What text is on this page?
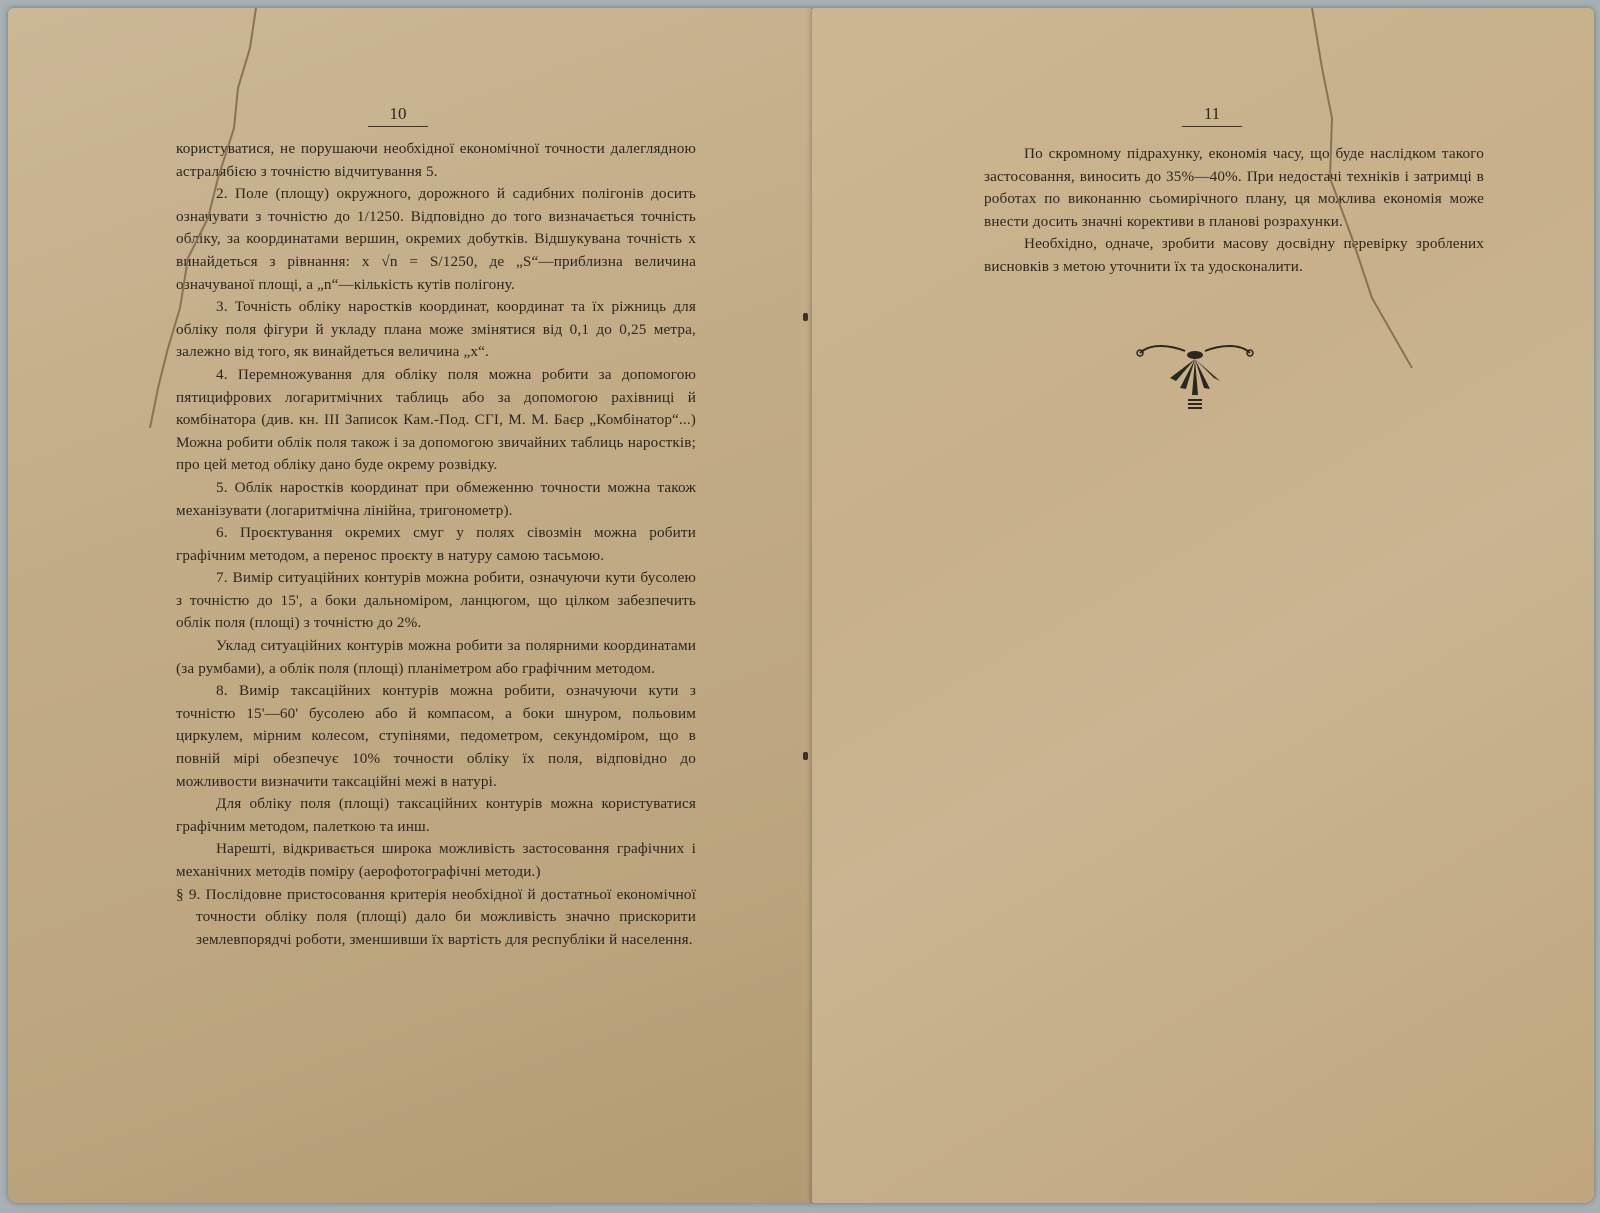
10

користуватися, не порушаючи необхідної економічної точности далеглядною астралябією з точністю відчитування 5.

2. Поле (площу) окружного, дорожного й садибних полігонів досить означувати з точністю до 1/1250. Відповідно до того визначається точність обліку, за координатами вершин, окремих добутків. Відшукувана точність x винайдеться з рівнання: x √n = S/1250, де „S“—приблизна величина означуваної площі, а „n“—кількість кутів полігону.

3. Точність обліку наростків координат, координат та їх ріжниць для обліку поля фігури й укладу плана може змінятися від 0,1 до 0,25 метра, залежно від того, як винайдеться величина „x“.

4. Перемножування для обліку поля можна робити за допомогою пятицифрових логаритмічних таблиць або за допомогою рахівниці й комбінатора (див. кн. III Записок Кам.-Под. СГІ, М. М. Баєр „Комбінатор“...) Можна робити облік поля також і за допомогою звичайних таблиць наростків; про цей метод обліку дано буде окрему розвідку.

5. Облік наростків координат при обмеженню точности можна також механізувати (логаритмічна лінійна, тригонометр).

6. Проєктування окремих смуг у полях сівозмін можна робити графічним методом, а перенос проєкту в натуру самою тасьмою.

7. Вимір ситуаційних контурів можна робити, означуючи кути бусолею з точністю до 15', а боки дальноміром, ланцюгом, що цілком забезпечить облік поля (площі) з точністю до 2%.

Уклад ситуаційних контурів можна робити за полярними координатами (за румбами), а облік поля (площі) планіметром або графічним методом.

8. Вимір таксаційних контурів можна робити, означуючи кути з точністю 15'—60' бусолею або й компасом, а боки шнуром, польовим циркулем, мірним колесом, ступінями, педометром, секундоміром, що в повній мірі обезпечує 10% точности обліку їх поля, відповідно до можливости визначити таксаційні межі в натурі.

Для обліку поля (площі) таксаційних контурів можна користуватися графічним методом, палеткою та инш.

Нарешті, відкривається широка можливість застосовання графічних і механічних методів поміру (аерофотографічні методи.)

§ 9. Послідовне пристосовання критерія необхідної й достатньої економічної точности обліку поля (площі) дало би можливість значно прискорити землевпорядчі роботи, зменшивши їх вартість для республіки й населення.

11

По скромному підрахунку, економія часу, що буде наслідком такого застосовання, виносить до 35%—40%. При недостачі техніків і затримці в роботах по виконанню сьомирічного плану, ця можлива економія може внести досить значні корективи в планові розрахунки.

Необхідно, одначе, зробити масову досвідну перевірку зроблених висновків з метою уточнити їх та удосконалити.
